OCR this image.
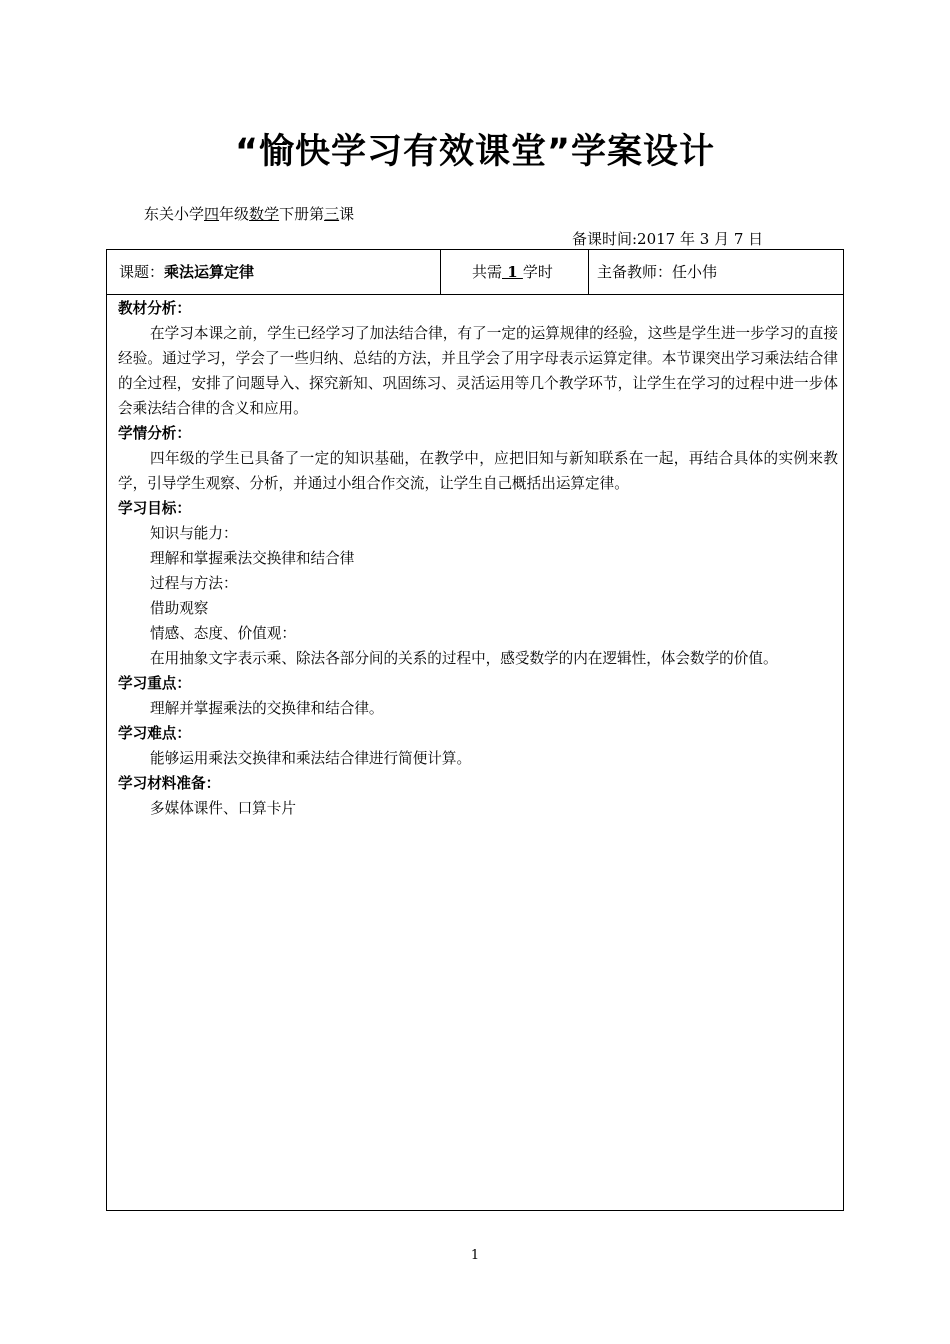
“愉快学习有效课堂”学案设计
东关小学四年级数学下册第三课
备课时间:2017 年 3 月 7 日
课题：乘法运算定律	共需 1 学时	主备教师：任小伟
教材分析：

在学习本课之前，学生已经学习了加法结合律，有了一定的运算规律的经验，这些是学生进一步学习的直接经验。通过学习，学会了一些归纳、总结的方法，并且学会了用字母表示运算定律。本节课突出学习乘法结合律的全过程，安排了问题导入、探究新知、巩固练习、灵活运用等几个教学环节，让学生在学习的过程中进一步体会乘法结合律的含义和应用。

学情分析：

四年级的学生已具备了一定的知识基础，在教学中，应把旧知与新知联系在一起，再结合具体的实例来教学，引导学生观察、分析，并通过小组合作交流，让学生自己概括出运算定律。

学习目标：
知识与能力：
理解和掌握乘法交换律和结合律
过程与方法：
借助观察
情感、态度、价值观：

在用抽象文字表示乘、除法各部分间的关系的过程中，感受数学的内在逻辑性，体会数学的价值。

学习重点：
理解并掌握乘法的交换律和结合律。
学习难点：
能够运用乘法交换律和乘法结合律进行简便计算。
学习材料准备：
多媒体课件、口算卡片
1
